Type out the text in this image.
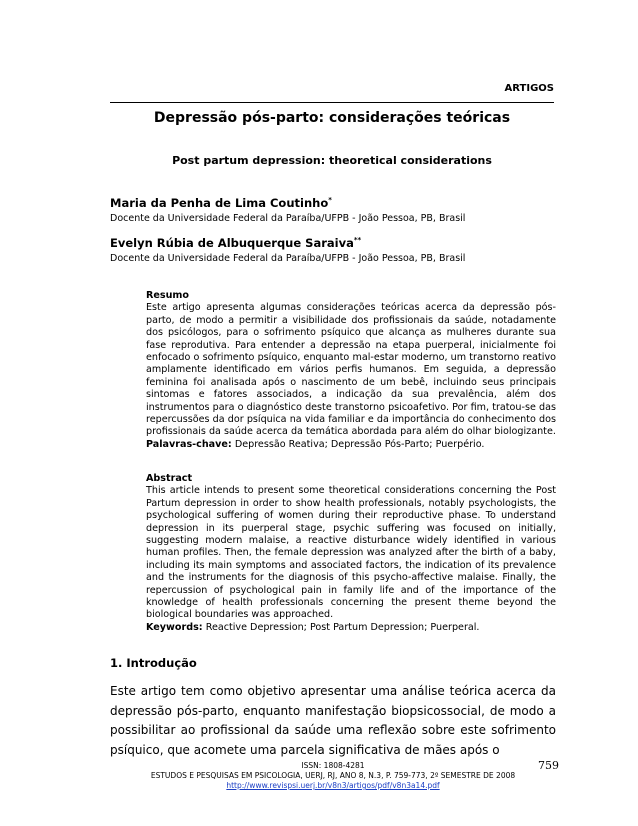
ARTIGOS
Depressão pós-parto: considerações teóricas
Post partum depression: theoretical considerations
Maria da Penha de Lima Coutinho*
Docente da Universidade Federal da Paraíba/UFPB - João Pessoa, PB, Brasil
Evelyn Rúbia de Albuquerque Saraiva**
Docente da Universidade Federal da Paraíba/UFPB - João Pessoa, PB, Brasil
Resumo
Este artigo apresenta algumas considerações teóricas acerca da depressão pós-parto, de modo a permitir a visibilidade dos profissionais da saúde, notadamente dos psicólogos, para o sofrimento psíquico que alcança as mulheres durante sua fase reprodutiva. Para entender a depressão na etapa puerperal, inicialmente foi enfocado o sofrimento psíquico, enquanto mal-estar moderno, um transtorno reativo amplamente identificado em vários perfis humanos. Em seguida, a depressão feminina foi analisada após o nascimento de um bebê, incluindo seus principais sintomas e fatores associados, a indicação da sua prevalência, além dos instrumentos para o diagnóstico deste transtorno psicoafetivo. Por fim, tratou-se das repercussões da dor psíquica na vida familiar e da importância do conhecimento dos profissionais da saúde acerca da temática abordada para além do olhar biologizante.
Palavras-chave: Depressão Reativa; Depressão Pós-Parto; Puerpério.
Abstract
This article intends to present some theoretical considerations concerning the Post Partum depression in order to show health professionals, notably psychologists, the psychological suffering of women during their reproductive phase. To understand depression in its puerperal stage, psychic suffering was focused on initially, suggesting modern malaise, a reactive disturbance widely identified in various human profiles. Then, the female depression was analyzed after the birth of a baby, including its main symptoms and associated factors, the indication of its prevalence and the instruments for the diagnosis of this psycho-affective malaise. Finally, the repercussion of psychological pain in family life and of the importance of the knowledge of health professionals concerning the present theme beyond the biological boundaries was approached.
Keywords: Reactive Depression; Post Partum Depression; Puerperal.
1. Introdução
Este artigo tem como objetivo apresentar uma análise teórica acerca da depressão pós-parto, enquanto manifestação biopsicossocial, de modo a possibilitar ao profissional da saúde uma reflexão sobre este sofrimento psíquico, que acomete uma parcela significativa de mães após o
ISSN: 1808-4281
ESTUDOS E PESQUISAS EM PSICOLOGIA, UERJ, RJ, ANO 8, N.3, P. 759-773, 2º SEMESTRE DE 2008
http://www.revispsi.uerj.br/v8n3/artigos/pdf/v8n3a14.pdf
759
